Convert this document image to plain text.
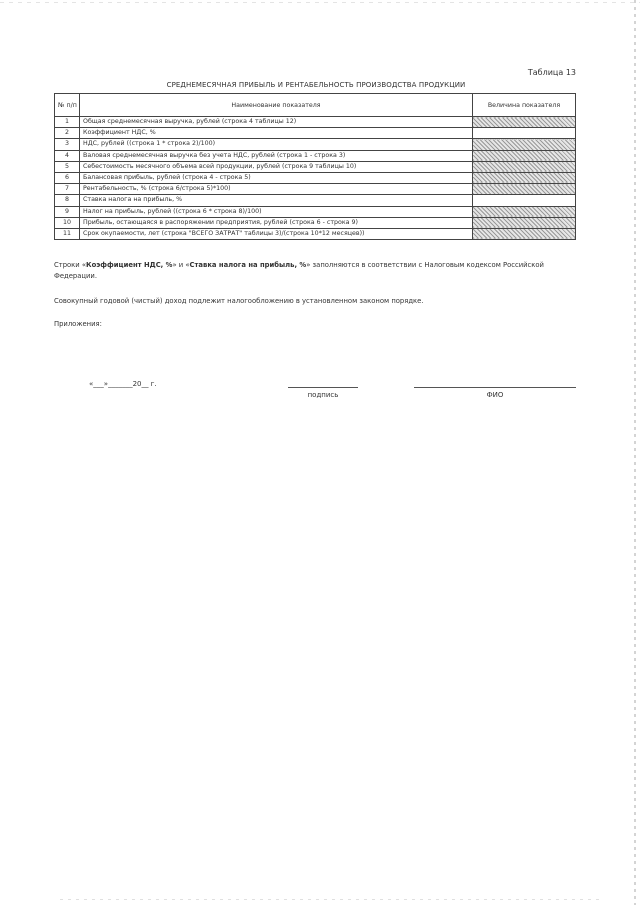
Таблица 13
СРЕДНЕМЕСЯЧНАЯ ПРИБЫЛЬ И РЕНТАБЕЛЬНОСТЬ ПРОИЗВОДСТВА ПРОДУКЦИИ
№ п/п	Наименование показателя	Величина показателя
1	Общая среднемесячная выручка, рублей (строка 4 таблицы 12)	
2	Коэффициент НДС, %	
3	НДС, рублей ((строка 1 * строка 2)/100)	
4	Валовая среднемесячная выручка без учета НДС, рублей (строка 1 - строка 3)	
5	Себестоимость месячного объема всей продукции, рублей (строка 9 таблицы 10)	
6	Балансовая прибыль, рублей (строка 4 - строка 5)	
7	Рентабельность, % (строка 6/строка 5)*100)	
8	Ставка налога на прибыль, %	
9	Налог на прибыль, рублей ((строка 6 * строка 8)/100)	
10	Прибыль, остающаяся в распоряжении предприятия, рублей (строка 6 - строка 9)	
11	Срок окупаемости, лет (строка "ВСЕГО ЗАТРАТ" таблицы 3)/(строка 10*12 месяцев))	
Строки «Коэффициент НДС, %» и «Ставка налога на прибыль, %» заполняются в соответствии с Налоговым кодексом Российской Федерации.
Совокупный годовой (чистый) доход подлежит налогообложению в установленном законом порядке.
Приложения:
«___»_______20__ г.
подпись	ФИО
